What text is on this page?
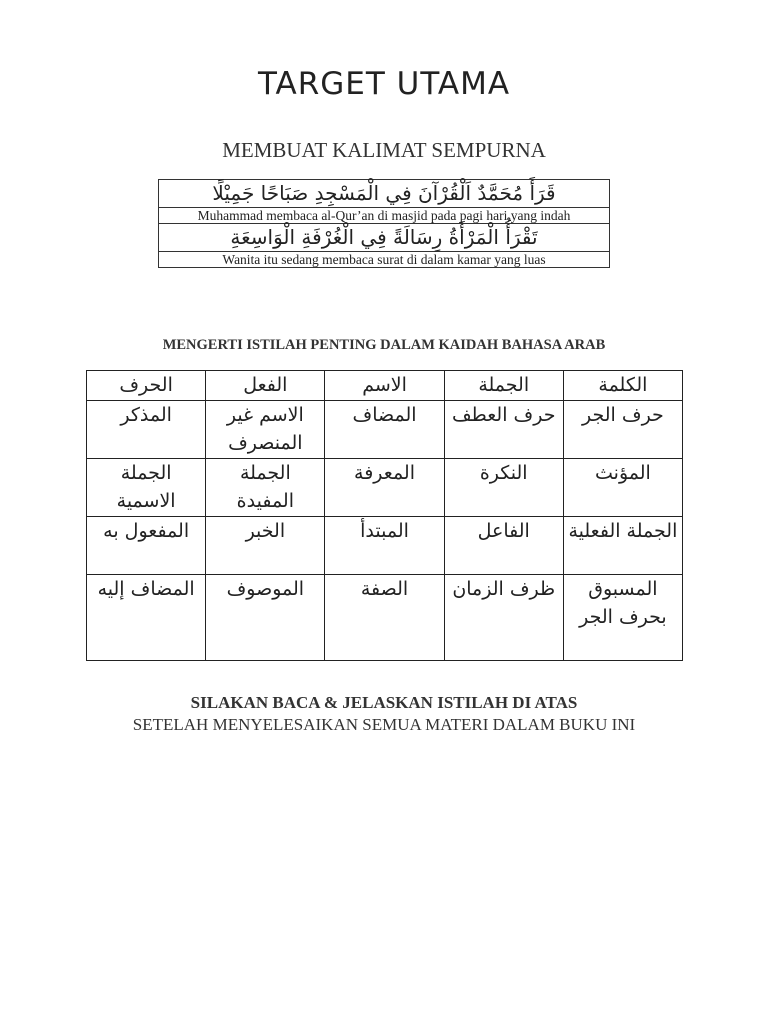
TARGET UTAMA
MEMBUAT KALIMAT SEMPURNA
قَرَأَ مُحَمَّدٌ اَلْقُرْآنَ فِي الْمَسْجِدِ صَبَاحًا جَمِيْلًا
Muhammad membaca al-Qur’an di masjid pada pagi hari yang indah
تَقْرَأُ الْمَرْأَةُ رِسَالَةً فِي الْغُرْفَةِ الْوَاسِعَةِ
Wanita itu sedang membaca surat di dalam kamar yang luas
MENGERTI ISTILAH PENTING DALAM KAIDAH BAHASA ARAB
الكلمة	الجملة	الاسم	الفعل	الحرف
حرف الجر	حرف العطف	المضاف	الاسم غير المنصرف	المذكر
المؤنث	النكرة	المعرفة	الجملة المفيدة	الجملة الاسمية
الجملة الفعلية	الفاعل	المبتدأ	الخبر	المفعول به
المسبوق بحرف الجر	ظرف الزمان	الصفة	الموصوف	المضاف إليه
SILAKAN BACA & JELASKAN ISTILAH DI ATAS
SETELAH MENYELESAIKAN SEMUA MATERI DALAM BUKU INI
